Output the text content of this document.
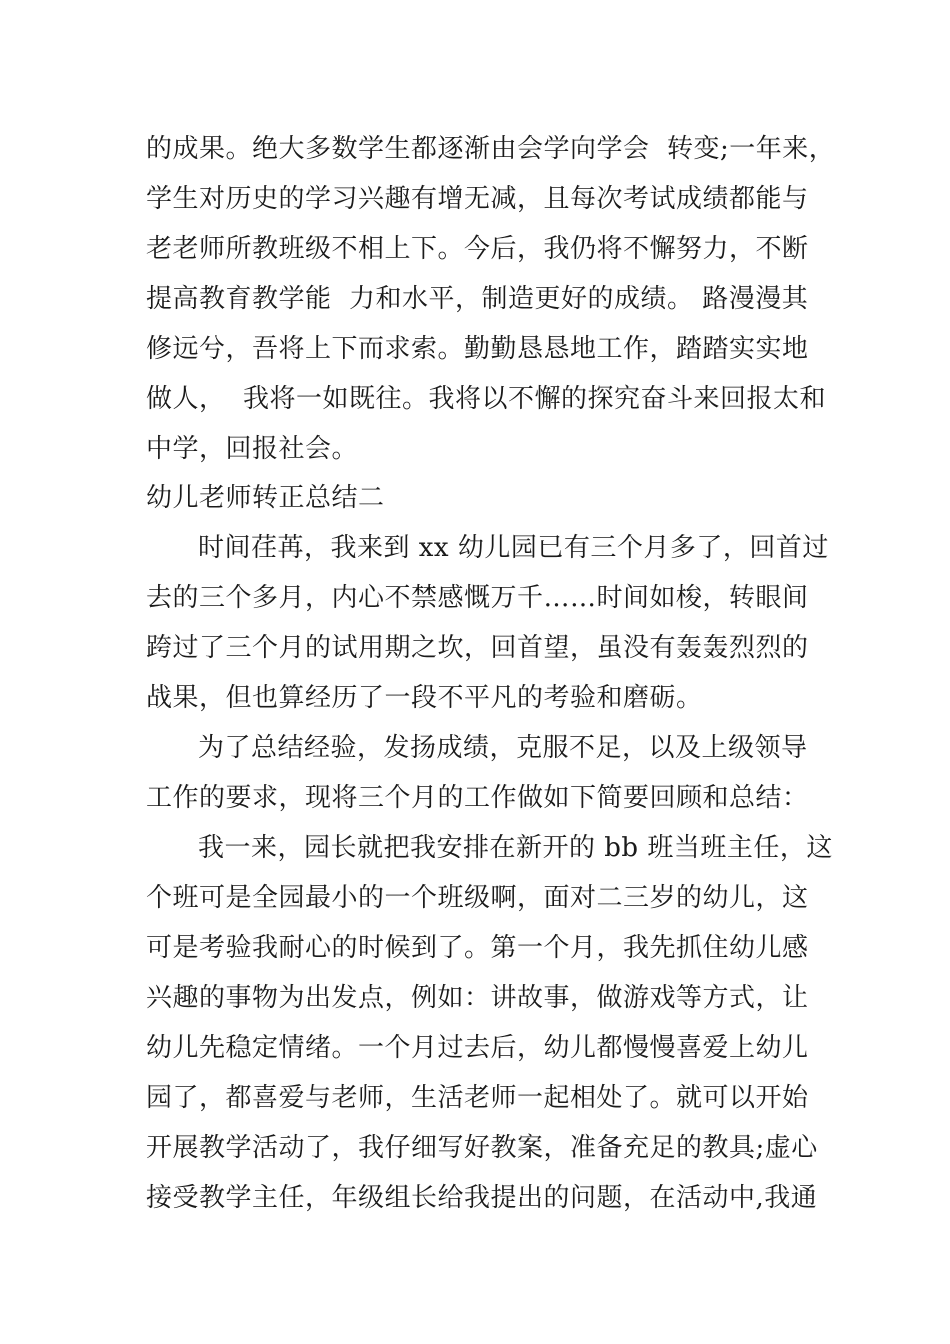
的成果。绝大多数学生都逐渐由会学向学会  转变;一年来，
学生对历史的学习兴趣有增无减，且每次考试成绩都能与
老老师所教班级不相上下。今后，我仍将不懈努力，不断
提高教育教学能  力和水平，制造更好的成绩。 路漫漫其
修远兮，吾将上下而求索。勤勤恳恳地工作，踏踏实实地
做人，  我将一如既往。我将以不懈的探究奋斗来回报太和
中学，回报社会。
幼儿老师转正总结二
时间荏苒，我来到 xx 幼儿园已有三个月多了，回首过
去的三个多月，内心不禁感慨万千……时间如梭，转眼间
跨过了三个月的试用期之坎，回首望，虽没有轰轰烈烈的
战果，但也算经历了一段不平凡的考验和磨砺。
为了总结经验，发扬成绩，克服不足，以及上级领导
工作的要求，现将三个月的工作做如下简要回顾和总结：
我一来，园长就把我安排在新开的 bb 班当班主任，这
个班可是全园最小的一个班级啊，面对二三岁的幼儿，这
可是考验我耐心的时候到了。第一个月，我先抓住幼儿感
兴趣的事物为出发点，例如：讲故事，做游戏等方式，让
幼儿先稳定情绪。一个月过去后，幼儿都慢慢喜爱上幼儿
园了，都喜爱与老师，生活老师一起相处了。就可以开始
开展教学活动了，我仔细写好教案，准备充足的教具;虚心
接受教学主任，年级组长给我提出的问题，在活动中,我通
